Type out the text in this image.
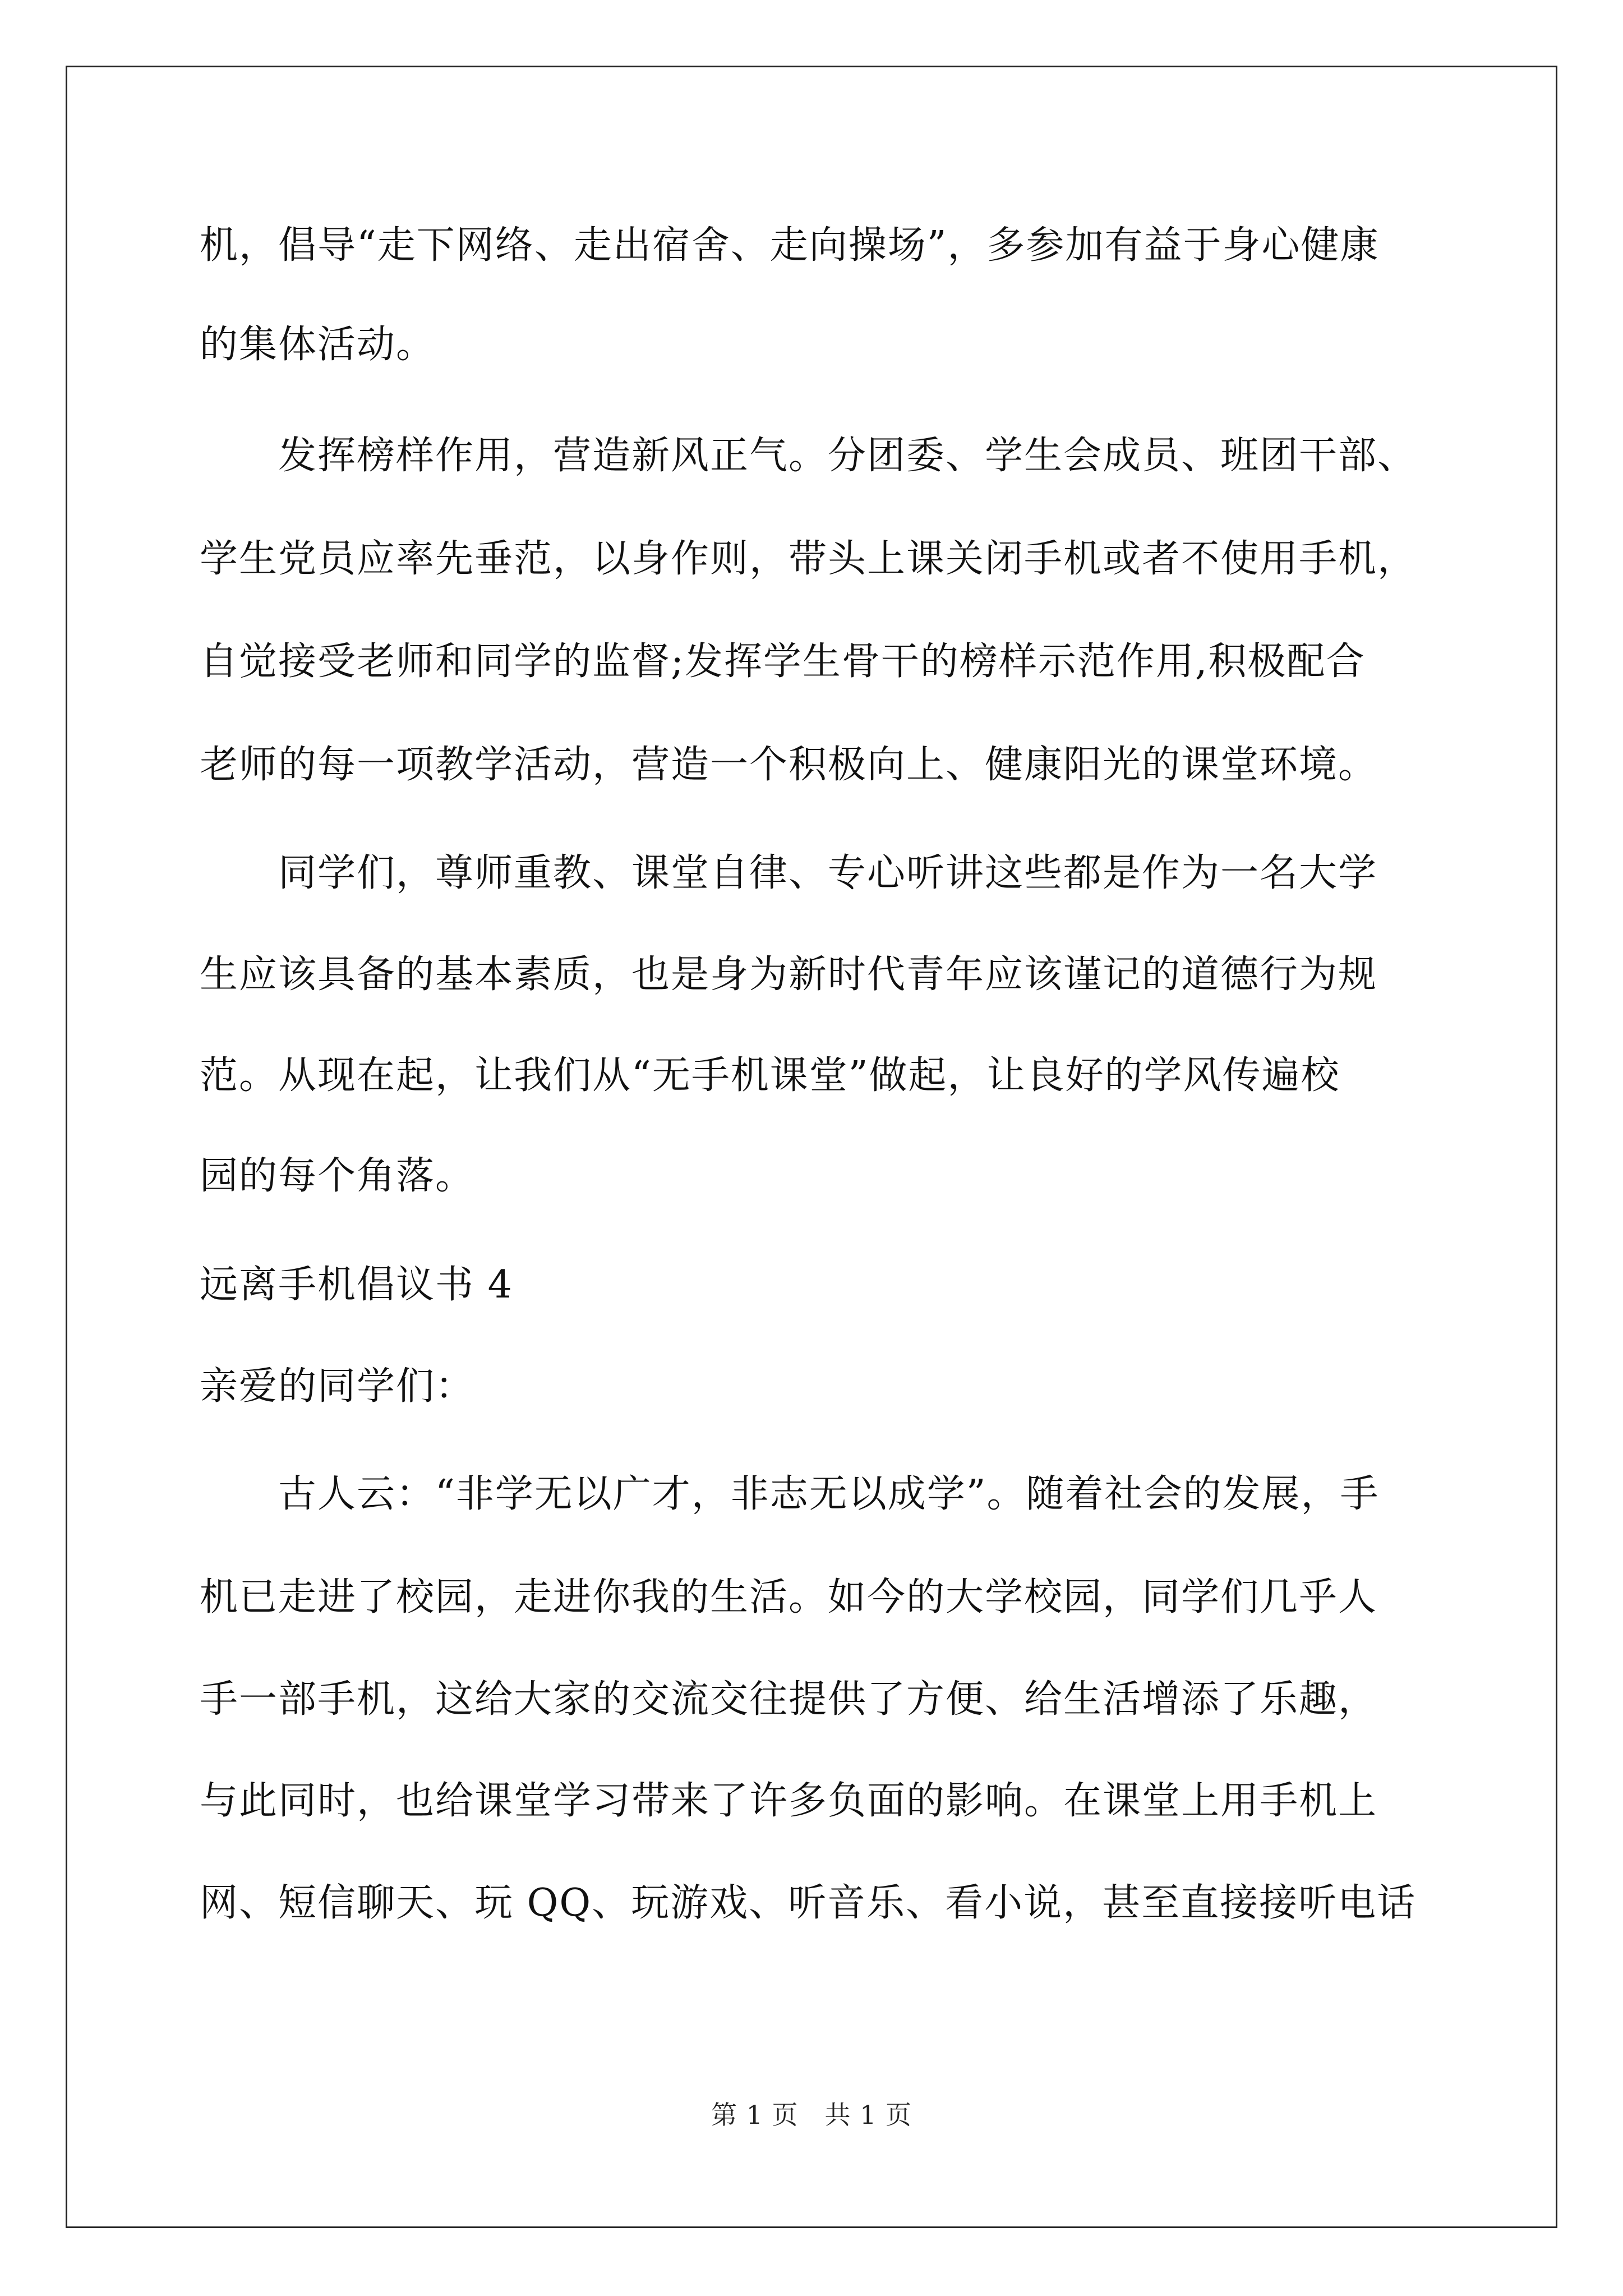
机，倡导“走下网络、走出宿舍、走向操场”，多参加有益于身心健康
的集体活动。
　　发挥榜样作用，营造新风正气。分团委、学生会成员、班团干部、
学生党员应率先垂范，以身作则，带头上课关闭手机或者不使用手机，
自觉接受老师和同学的监督;发挥学生骨干的榜样示范作用,积极配合
老师的每一项教学活动，营造一个积极向上、健康阳光的课堂环境。
　　同学们，尊师重教、课堂自律、专心听讲这些都是作为一名大学
生应该具备的基本素质，也是身为新时代青年应该谨记的道德行为规
范。从现在起，让我们从“无手机课堂”做起，让良好的学风传遍校
园的每个角落。
远离手机倡议书 4
亲爱的同学们：
　　古人云：“非学无以广才，非志无以成学”。随着社会的发展，手
机已走进了校园，走进你我的生活。如今的大学校园，同学们几乎人
手一部手机，这给大家的交流交往提供了方便、给生活增添了乐趣，
与此同时，也给课堂学习带来了许多负面的影响。在课堂上用手机上
网、短信聊天、玩 QQ、玩游戏、听音乐、看小说，甚至直接接听电话
第 1 页　共 1 页
